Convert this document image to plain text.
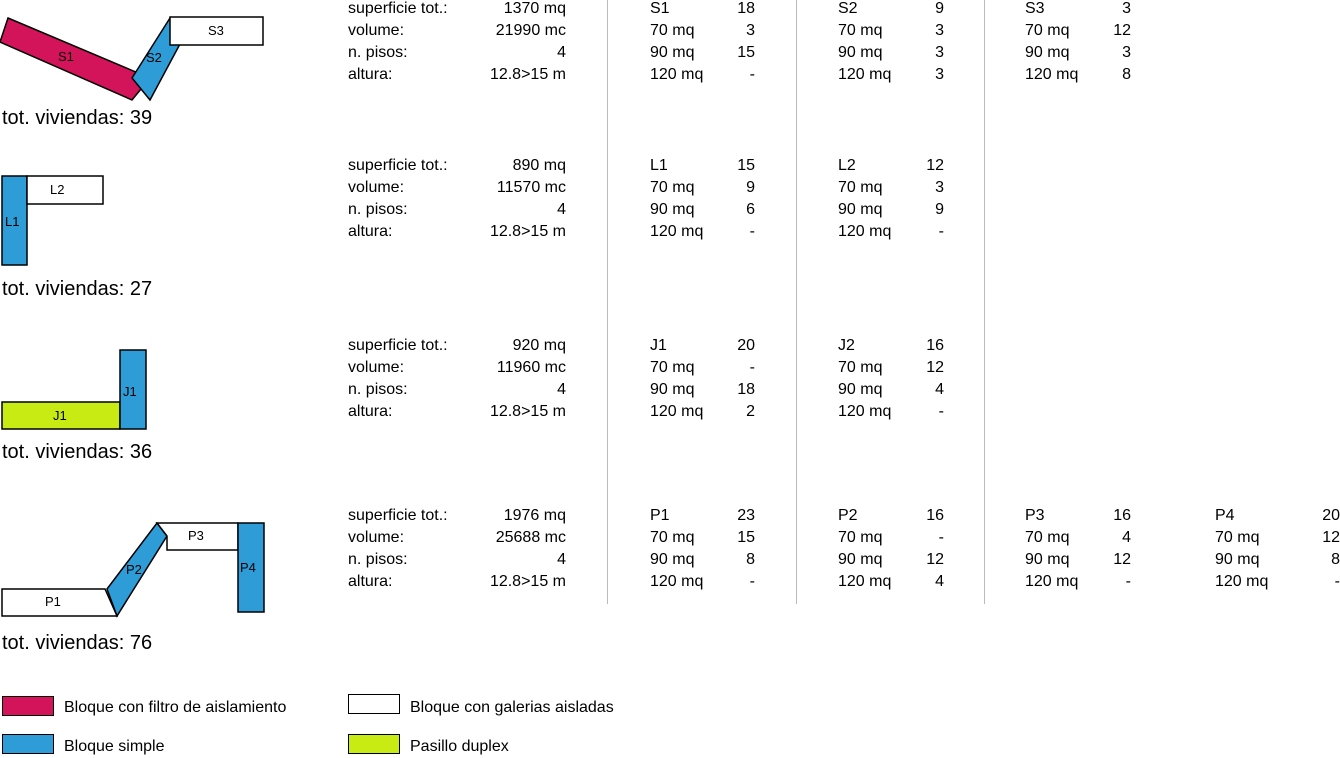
S1	S2
S3
L1
L2
J1
J1
P1
P2
P3
P4
tot. viviendas: 39
tot. viviendas: 27
tot. viviendas: 36
tot. viviendas: 76
superficie tot.:	1370 mq
volume:	21990 mc
n. pisos:	4
altura:	12.8>15 m
S1	18
70 mq	3
90 mq	15
120 mq	-
S2	9
70 mq	3
90 mq	3
120 mq	3
S3	3
70 mq	12
90 mq	3
120 mq	8
superficie tot.:	890 mq
volume:	11570 mc
n. pisos:	4
altura:	12.8>15 m
L1	15
70 mq	9
90 mq	6
120 mq	-
L2	12
70 mq	3
90 mq	9
120 mq	-
superficie tot.:	920 mq
volume:	11960 mc
n. pisos:	4
altura:	12.8>15 m
J1	20
70 mq	-
90 mq	18
120 mq	2
J2	16
70 mq	12
90 mq	4
120 mq	-
superficie tot.:	1976 mq
volume:	25688 mc
n. pisos:	4
altura:	12.8>15 m
P1	23
70 mq	15
90 mq	8
120 mq	-
P2	16
70 mq	-
90 mq	12
120 mq	4
P3	16
70 mq	4
90 mq	12
120 mq	-
P4	20
70 mq	12
90 mq	8
120 mq	-
Bloque con filtro de aislamiento
Bloque simple
Bloque con galerias aisladas
Pasillo duplex
